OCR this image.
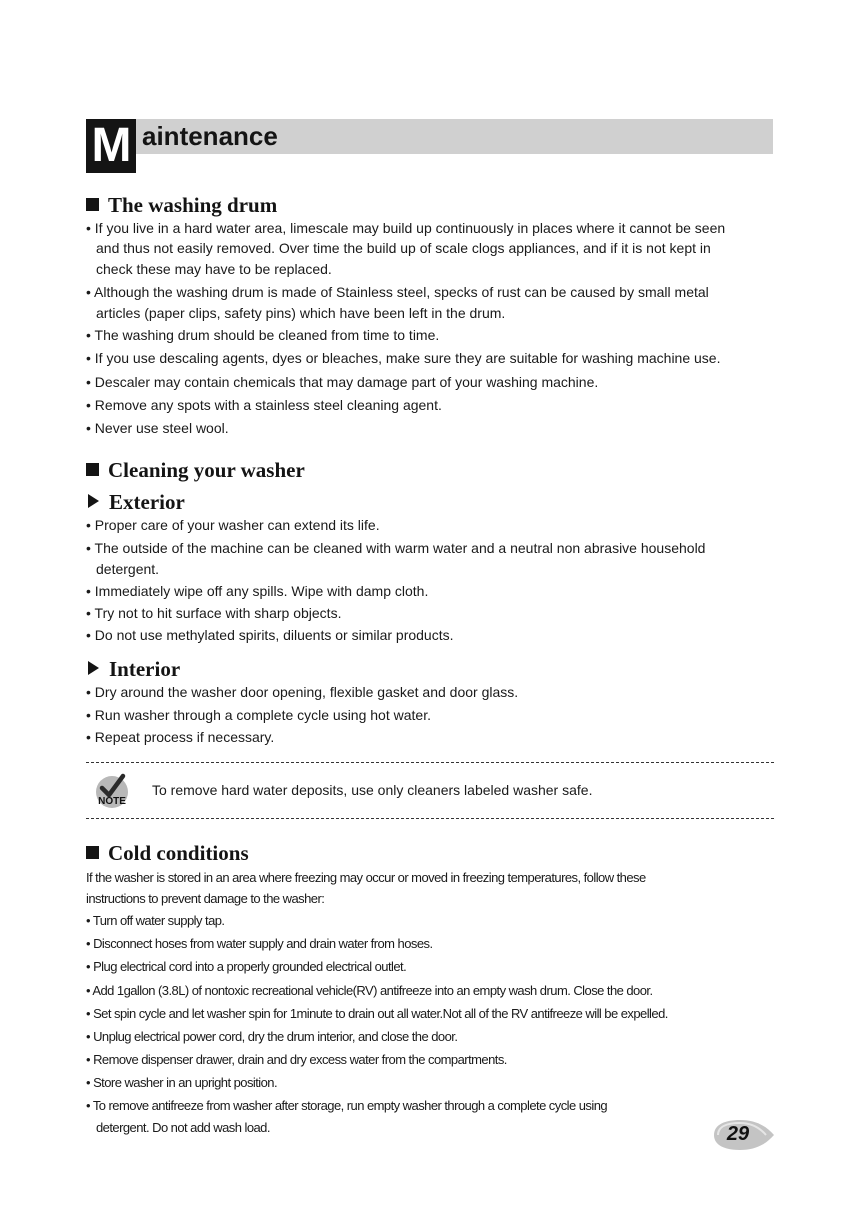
M aintenance
The washing drum
• If you live in a hard water area, limescale may build up continuously in places where it cannot be seen
and thus not easily removed. Over time the build up of scale clogs appliances, and if it is not kept in
check these may have to be replaced.
• Although the washing drum is made of Stainless steel, specks of rust can be caused by small metal
articles (paper clips, safety pins) which have been left in the drum.
• The washing drum should be cleaned from time to time.
• If you use descaling agents, dyes or bleaches, make sure they are suitable for washing machine use.
• Descaler may contain chemicals that may damage part of your washing machine.
• Remove any spots with a stainless steel cleaning agent.
• Never use steel wool.
Cleaning your washer
Exterior
• Proper care of your washer can extend its life.
• The outside of the machine can be cleaned with warm water and a neutral non abrasive household
detergent.
• Immediately wipe off any spills. Wipe with damp cloth.
• Try not to hit surface with sharp objects.
• Do not use methylated spirits, diluents or similar products.
Interior
• Dry around the washer door opening, flexible gasket and door glass.
• Run washer through a complete cycle using hot water.
• Repeat process if necessary.
NOTE
To remove hard water deposits, use only cleaners labeled washer safe.
Cold conditions
If the washer is stored in an area where freezing may occur or moved in freezing temperatures, follow these
instructions to prevent damage to the washer:
• Turn off water supply tap.
• Disconnect hoses from water supply and drain water from hoses.
• Plug electrical cord into a properly grounded electrical outlet.
• Add 1gallon (3.8L) of nontoxic recreational vehicle(RV) antifreeze into an empty wash drum. Close the door.
• Set spin cycle and let washer spin for 1minute to drain out all water.Not all of the RV antifreeze will be expelled.
• Unplug electrical power cord, dry the drum interior, and close the door.
• Remove dispenser drawer, drain and dry excess water from the compartments.
• Store washer in an upright position.
• To remove antifreeze from washer after storage, run empty washer through a complete cycle using
detergent. Do not add wash load.	29
